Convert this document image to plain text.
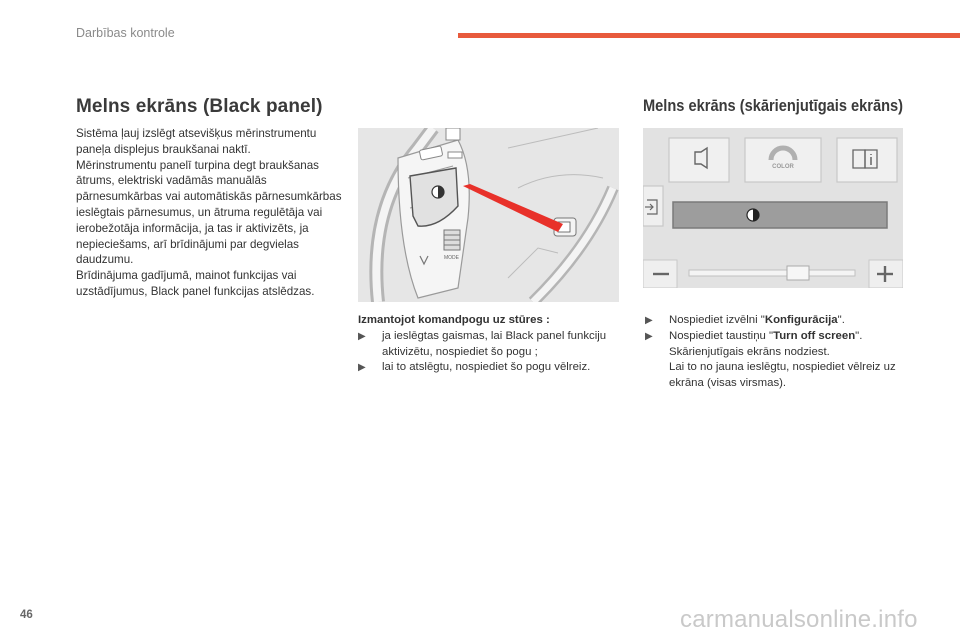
Darbības kontrole
Melns ekrāns (Black panel)	Melns ekrāns (skārienjutīgais ekrāns)

Sistēma ļauj izslēgt atsevišķus mērinstrumentu paneļa displejus braukšanai naktī.

Mērinstrumentu panelī turpina degt braukšanas ātrums, elektriski vadāmās manuālās pārnesumkārbas vai automātiskās pārnesumkārbas ieslēgtais pārnesumus, un ātruma regulētāja vai ierobežotāja informācija, ja tas ir aktivizēts, ja nepieciešams, arī brīdinājumi par degvielas daudzumu.

Brīdinājuma gadījumā, mainot funkcijas vai uzstādījumus, Black panel funkcijas atslēdzas.

MODE
COLOR

Izmantojot komandpogu uz stūres :

▶︎ ja ieslēgtas gaismas, lai Black panel funkciju aktivizētu, nospiediet šo pogu ;

▶︎ lai to atslēgtu, nospiediet šo pogu vēlreiz.

▶︎ Nospiediet izvēlni "Konfigurācija".

▶︎ Nospiediet taustiņu "Turn off screen".

Skārienjutīgais ekrāns nodziest.

Lai to no jauna ieslēgtu, nospiediet vēlreiz uz ekrāna (visas virsmas).

46	carmanualsonline.info
